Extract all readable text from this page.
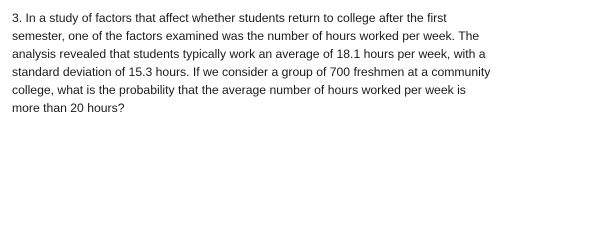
3. In a study of factors that affect whether students return to college after the first
semester, one of the factors examined was the number of hours worked per week. The
analysis revealed that students typically work an average of 18.1 hours per week, with a
standard deviation of 15.3 hours. If we consider a group of 700 freshmen at a community
college, what is the probability that the average number of hours worked per week is
more than 20 hours?
